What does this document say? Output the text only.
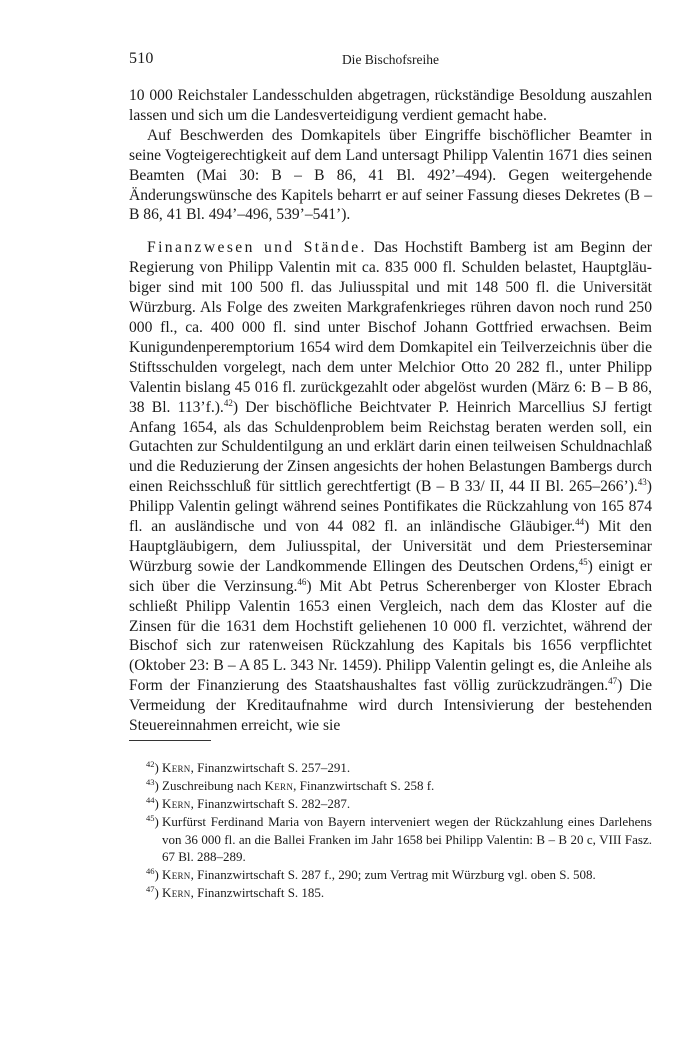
510	Die Bischofsreihe

10 000 Reichstaler Landesschulden abgetragen, rückständige Besoldung auszahlen lassen und sich um die Landesverteidigung verdient gemacht habe.

Auf Beschwerden des Domkapitels über Eingriffe bischöflicher Beamter in seine Vogteigerechtigkeit auf dem Land untersagt Philipp Valentin 1671 dies seinen Beamten (Mai 30: B – B 86, 41 Bl. 492’–494). Gegen weitergehende Änderungswünsche des Kapitels beharrt er auf seiner Fassung dieses Dekretes (B – B 86, 41 Bl. 494’–496, 539’–541’).

Finanzwesen und Stände. Das Hochstift Bamberg ist am Beginn der Regierung von Philipp Valentin mit ca. 835 000 fl. Schulden belastet, Hauptgläubiger sind mit 100 500 fl. das Juliusspital und mit 148 500 fl. die Universität Würzburg. Als Folge des zweiten Markgrafenkrieges rühren davon noch rund 250 000 fl., ca. 400 000 fl. sind unter Bischof Johann Gottfried erwachsen. Beim Kunigundenperemptorium 1654 wird dem Domkapitel ein Teilverzeichnis über die Stiftsschulden vorgelegt, nach dem unter Melchior Otto 20 282 fl., unter Philipp Valentin bislang 45 016 fl. zurückgezahlt oder abgelöst wurden (März 6: B – B 86, 38 Bl. 113’f.).$^{42}$) Der bischöfliche Beichtvater P. Heinrich Marcellius SJ fertigt Anfang 1654, als das Schuldenproblem beim Reichstag beraten werden soll, ein Gutachten zur Schuldentilgung an und erklärt darin einen teilweisen Schuldnachlaß und die Reduzierung der Zinsen angesichts der hohen Belastungen Bambergs durch einen Reichsschluß für sittlich gerechtfertigt (B – B 33/ II, 44 II Bl. 265–266’).$^{43}$) Philipp Valentin gelingt während seines Pontifikates die Rückzahlung von 165 874 fl. an ausländische und von 44 082 fl. an inländische Gläubiger.$^{44}$) Mit den Hauptgläubigern, dem Juliusspital, der Universität und dem Priesterseminar Würzburg sowie der Landkommende Ellingen des Deutschen Ordens,$^{45}$) einigt er sich über die Verzinsung.$^{46}$) Mit Abt Petrus Scherenberger von Kloster Ebrach schließt Philipp Valentin 1653 einen Vergleich, nach dem das Kloster auf die Zinsen für die 1631 dem Hochstift geliehenen 10 000 fl. verzichtet, während der Bischof sich zur ratenweisen Rückzahlung des Kapitals bis 1656 verpflichtet (Oktober 23: B – A 85 L. 343 Nr. 1459). Philipp Valentin gelingt es, die Anleihe als Form der Finanzierung des Staatshaushaltes fast völlig zurückzudrängen.$^{47}$) Die Vermeidung der Kreditaufnahme wird durch Intensivierung der bestehenden Steuereinnahmen erreicht, wie sie

$^{42}$) Kern, Finanzwirtschaft S. 257–291.
$^{43}$) Zuschreibung nach Kern, Finanzwirtschaft S. 258 f.
$^{44}$) Kern, Finanzwirtschaft S. 282–287.
$^{45}$) Kurfürst Ferdinand Maria von Bayern interveniert wegen der Rückzahlung eines Darlehens von 36 000 fl. an die Ballei Franken im Jahr 1658 bei Philipp Valentin: B – B 20 c, VIII Fasz. 67 Bl. 288–289.
$^{46}$) Kern, Finanzwirtschaft S. 287 f., 290; zum Vertrag mit Würzburg vgl. oben S. 508.
$^{47}$) Kern, Finanzwirtschaft S. 185.
